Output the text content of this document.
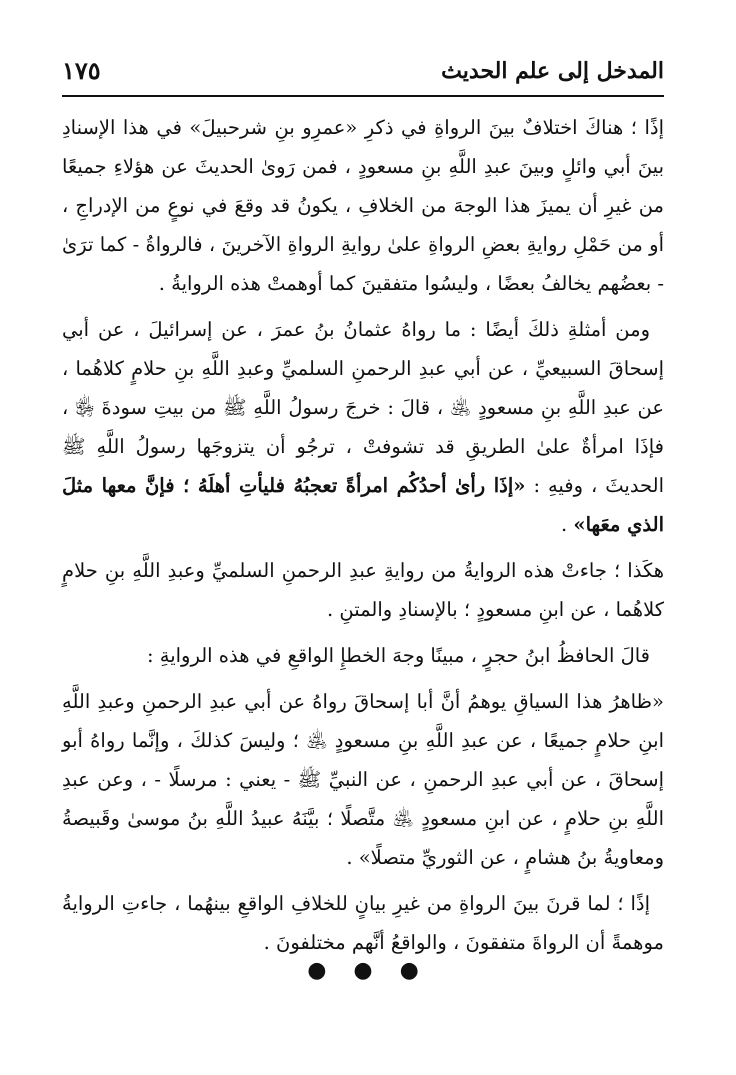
المدخل إلى علم الحديث
١٧٥

إذًا ؛ هناكَ اختلافٌ بينَ الرواةِ في ذكرِ «عمرِو بنِ شرحبيلَ» في هذا الإسنادِ بينَ أبي وائلٍ وبينَ عبدِ اللَّهِ بنِ مسعودٍ ، فمن رَوىٰ الحديثَ عن هؤلاءِ جميعًا من غيرِ أن يميزَ هذا الوجهَ من الخلافِ ، يكونُ قد وقعَ في نوعٍ من الإدراجِ ، أو من حَمْلِ روايةِ بعضِ الرواةِ علىٰ روايةِ الرواةِ الآخرينَ ، فالرواةُ - كما ترَىٰ - بعضُهم يخالفُ بعضًا ، وليسُوا متفقينَ كما أوهمتْ هذه الروايةُ .

ومن أمثلةِ ذلكَ أيضًا : ما رواهُ عثمانُ بنُ عمرَ ، عن إسرائيلَ ، عن أبي إسحاقَ السبيعيِّ ، عن أبي عبدِ الرحمنِ السلميِّ وعبدِ اللَّهِ بنِ حلامٍ كلاهُما ، عن عبدِ اللَّهِ بنِ مسعودٍ ﵁ ، قالَ : خرجَ رسولُ اللَّهِ ﷺ من بيتِ سودةَ ﵂ ، فإذَا امرأةٌ علىٰ الطريقِ قد تشوفتْ ، ترجُو أن يتزوجَها رسولُ اللَّهِ ﷺ الحديثَ ، وفيهِ : «إذَا رأىٰ أحدُكُم امرأةً تعجبُهُ فليأتِ أهلَهُ ؛ فإنَّ معها مثلَ الذي معَها» .

هكَذا ؛ جاءتْ هذه الروايةُ من روايةِ عبدِ الرحمنِ السلميِّ وعبدِ اللَّهِ بنِ حلامٍ كلاهُما ، عن ابنِ مسعودٍ ؛ بالإسنادِ والمتنِ .

قالَ الحافظُ ابنُ حجرٍ ، مبينًا وجهَ الخطإِ الواقعِ في هذه الروايةِ :

«ظاهرُ هذا السياقِ يوهمُ أنَّ أبا إسحاقَ رواهُ عن أبي عبدِ الرحمنِ وعبدِ اللَّهِ ابنِ حلامٍ جميعًا ، عن عبدِ اللَّهِ بنِ مسعودٍ ﵁ ؛ وليسَ كذلكَ ، وإنَّما رواهُ أبو إسحاقَ ، عن أبي عبدِ الرحمنِ ، عن النبيِّ ﷺ - يعني : مرسلًا - ، وعن عبدِ اللَّهِ بنِ حلامٍ ، عن ابنِ مسعودٍ ﵁ متَّصلًا ؛ بيَّنَهُ عبيدُ اللَّهِ بنُ موسىٰ وقَبيصةُ ومعاويةُ بنُ هشامٍ ، عن الثوريِّ متصلًا» .

إذًا ؛ لما قرنَ بينَ الرواةِ من غيرِ بيانٍ للخلافِ الواقعِ بينهُما ، جاءتِ الروايةُ موهمةً أن الرواةَ متفقونَ ، والواقعُ أنَّهم مختلفونَ .

● ● ●
